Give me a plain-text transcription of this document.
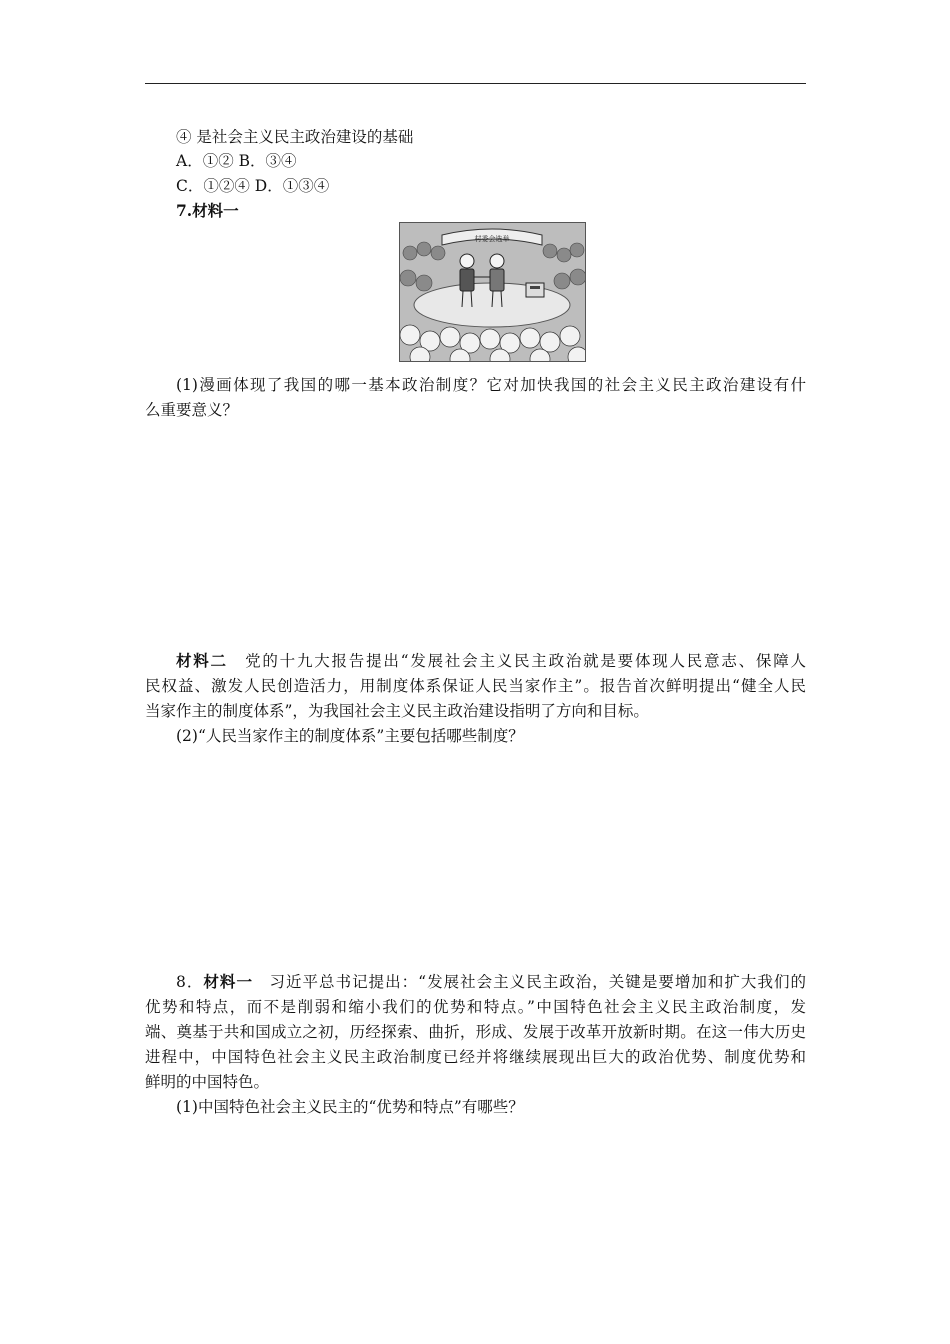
④ 是社会主义民主政治建设的基础
A．①② B．③④
C．①②④ D．①③④
7.材料一
村委会选举
(1)漫画体现了我国的哪一基本政治制度？它对加快我国的社会主义民主政治建设有什
么重要意义？
材料二　 党的十九大报告提出“发展社会主义民主政治就是要体现人民意志、保障人
民权益、激发人民创造活力，用制度体系保证人民当家作主”。报告首次鲜明提出“健全人民
当家作主的制度体系”，为我国社会主义民主政治建设指明了方向和目标。
(2)“人民当家作主的制度体系”主要包括哪些制度？
8．材料一　 习近平总书记提出：“发展社会主义民主政治，关键是要增加和扩大我们的
优势和特点，而不是削弱和缩小我们的优势和特点。”中国特色社会主义民主政治制度，发
端、奠基于共和国成立之初，历经探索、曲折，形成、发展于改革开放新时期。在这一伟大历史
进程中，中国特色社会主义民主政治制度已经并将继续展现出巨大的政治优势、制度优势和
鲜明的中国特色。
(1)中国特色社会主义民主的“优势和特点”有哪些？
